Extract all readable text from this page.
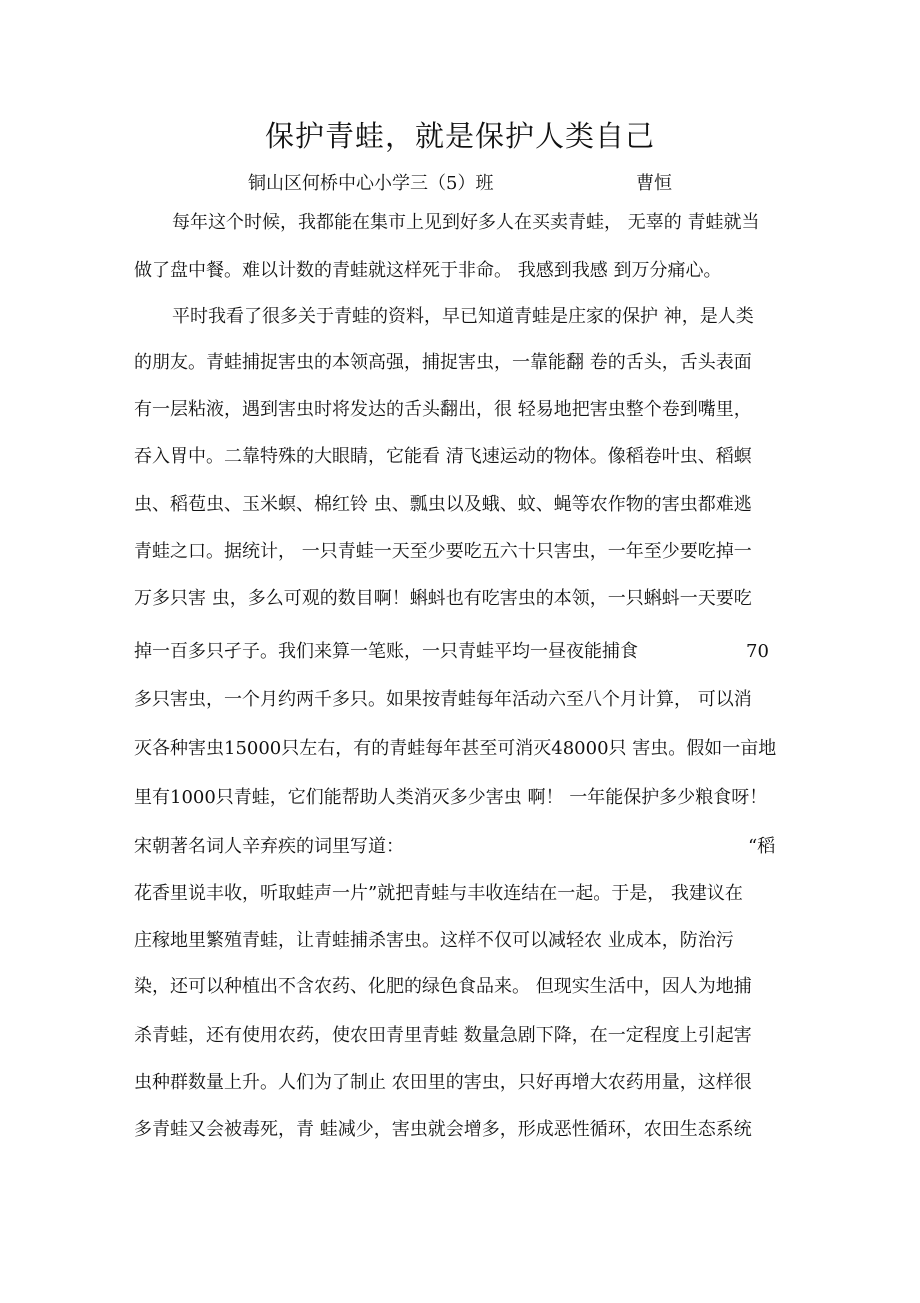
保护青蛙，就是保护人类自己
铜山区何桥中心小学三（5）班	曹恒
每年这个时候，我都能在集市上见到好多人在买卖青蛙， 无辜的 青蛙就当
做了盘中餐。难以计数的青蛙就这样死于非命。 我感到我感 到万分痛心。
平时我看了很多关于青蛙的资料，早已知道青蛙是庄家的保护 神，是人类
的朋友。青蛙捕捉害虫的本领高强，捕捉害虫，一靠能翻 卷的舌头，舌头表面
有一层粘液，遇到害虫时将发达的舌头翻出，很 轻易地把害虫整个卷到嘴里，
吞入胃中。二靠特殊的大眼睛，它能看 清飞速运动的物体。像稻卷叶虫、稻螟
虫、稻苞虫、玉米螟、棉红铃 虫、瓢虫以及蛾、蚊、蝇等农作物的害虫都难逃
青蛙之口。据统计， 一只青蛙一天至少要吃五六十只害虫，一年至少要吃掉一
万多只害 虫，多么可观的数目啊！蝌蚪也有吃害虫的本领，一只蝌蚪一天要吃
掉一百多只孑子。我们来算一笔账，一只青蛙平均一昼夜能捕食	70
多只害虫，一个月约两千多只。如果按青蛙每年活动六至八个月计算， 可以消
灭各种害虫15000只左右，有的青蛙每年甚至可消灭48000只 害虫。假如一亩地
里有1000只青蛙，它们能帮助人类消灭多少害虫 啊！ 一年能保护多少粮食呀！
宋朝著名词人辛弃疾的词里写道：	“稻
花香里说丰收，听取蛙声一片”就把青蛙与丰收连结在一起。于是， 我建议在
庄稼地里繁殖青蛙，让青蛙捕杀害虫。这样不仅可以减轻农 业成本，防治污
染，还可以种植出不含农药、化肥的绿色食品来。 但现实生活中，因人为地捕
杀青蛙，还有使用农药，使农田青里青蛙 数量急剧下降，在一定程度上引起害
虫种群数量上升。人们为了制止 农田里的害虫，只好再增大农药用量，这样很
多青蛙又会被毒死，青 蛙减少，害虫就会增多，形成恶性循环，农田生态系统
